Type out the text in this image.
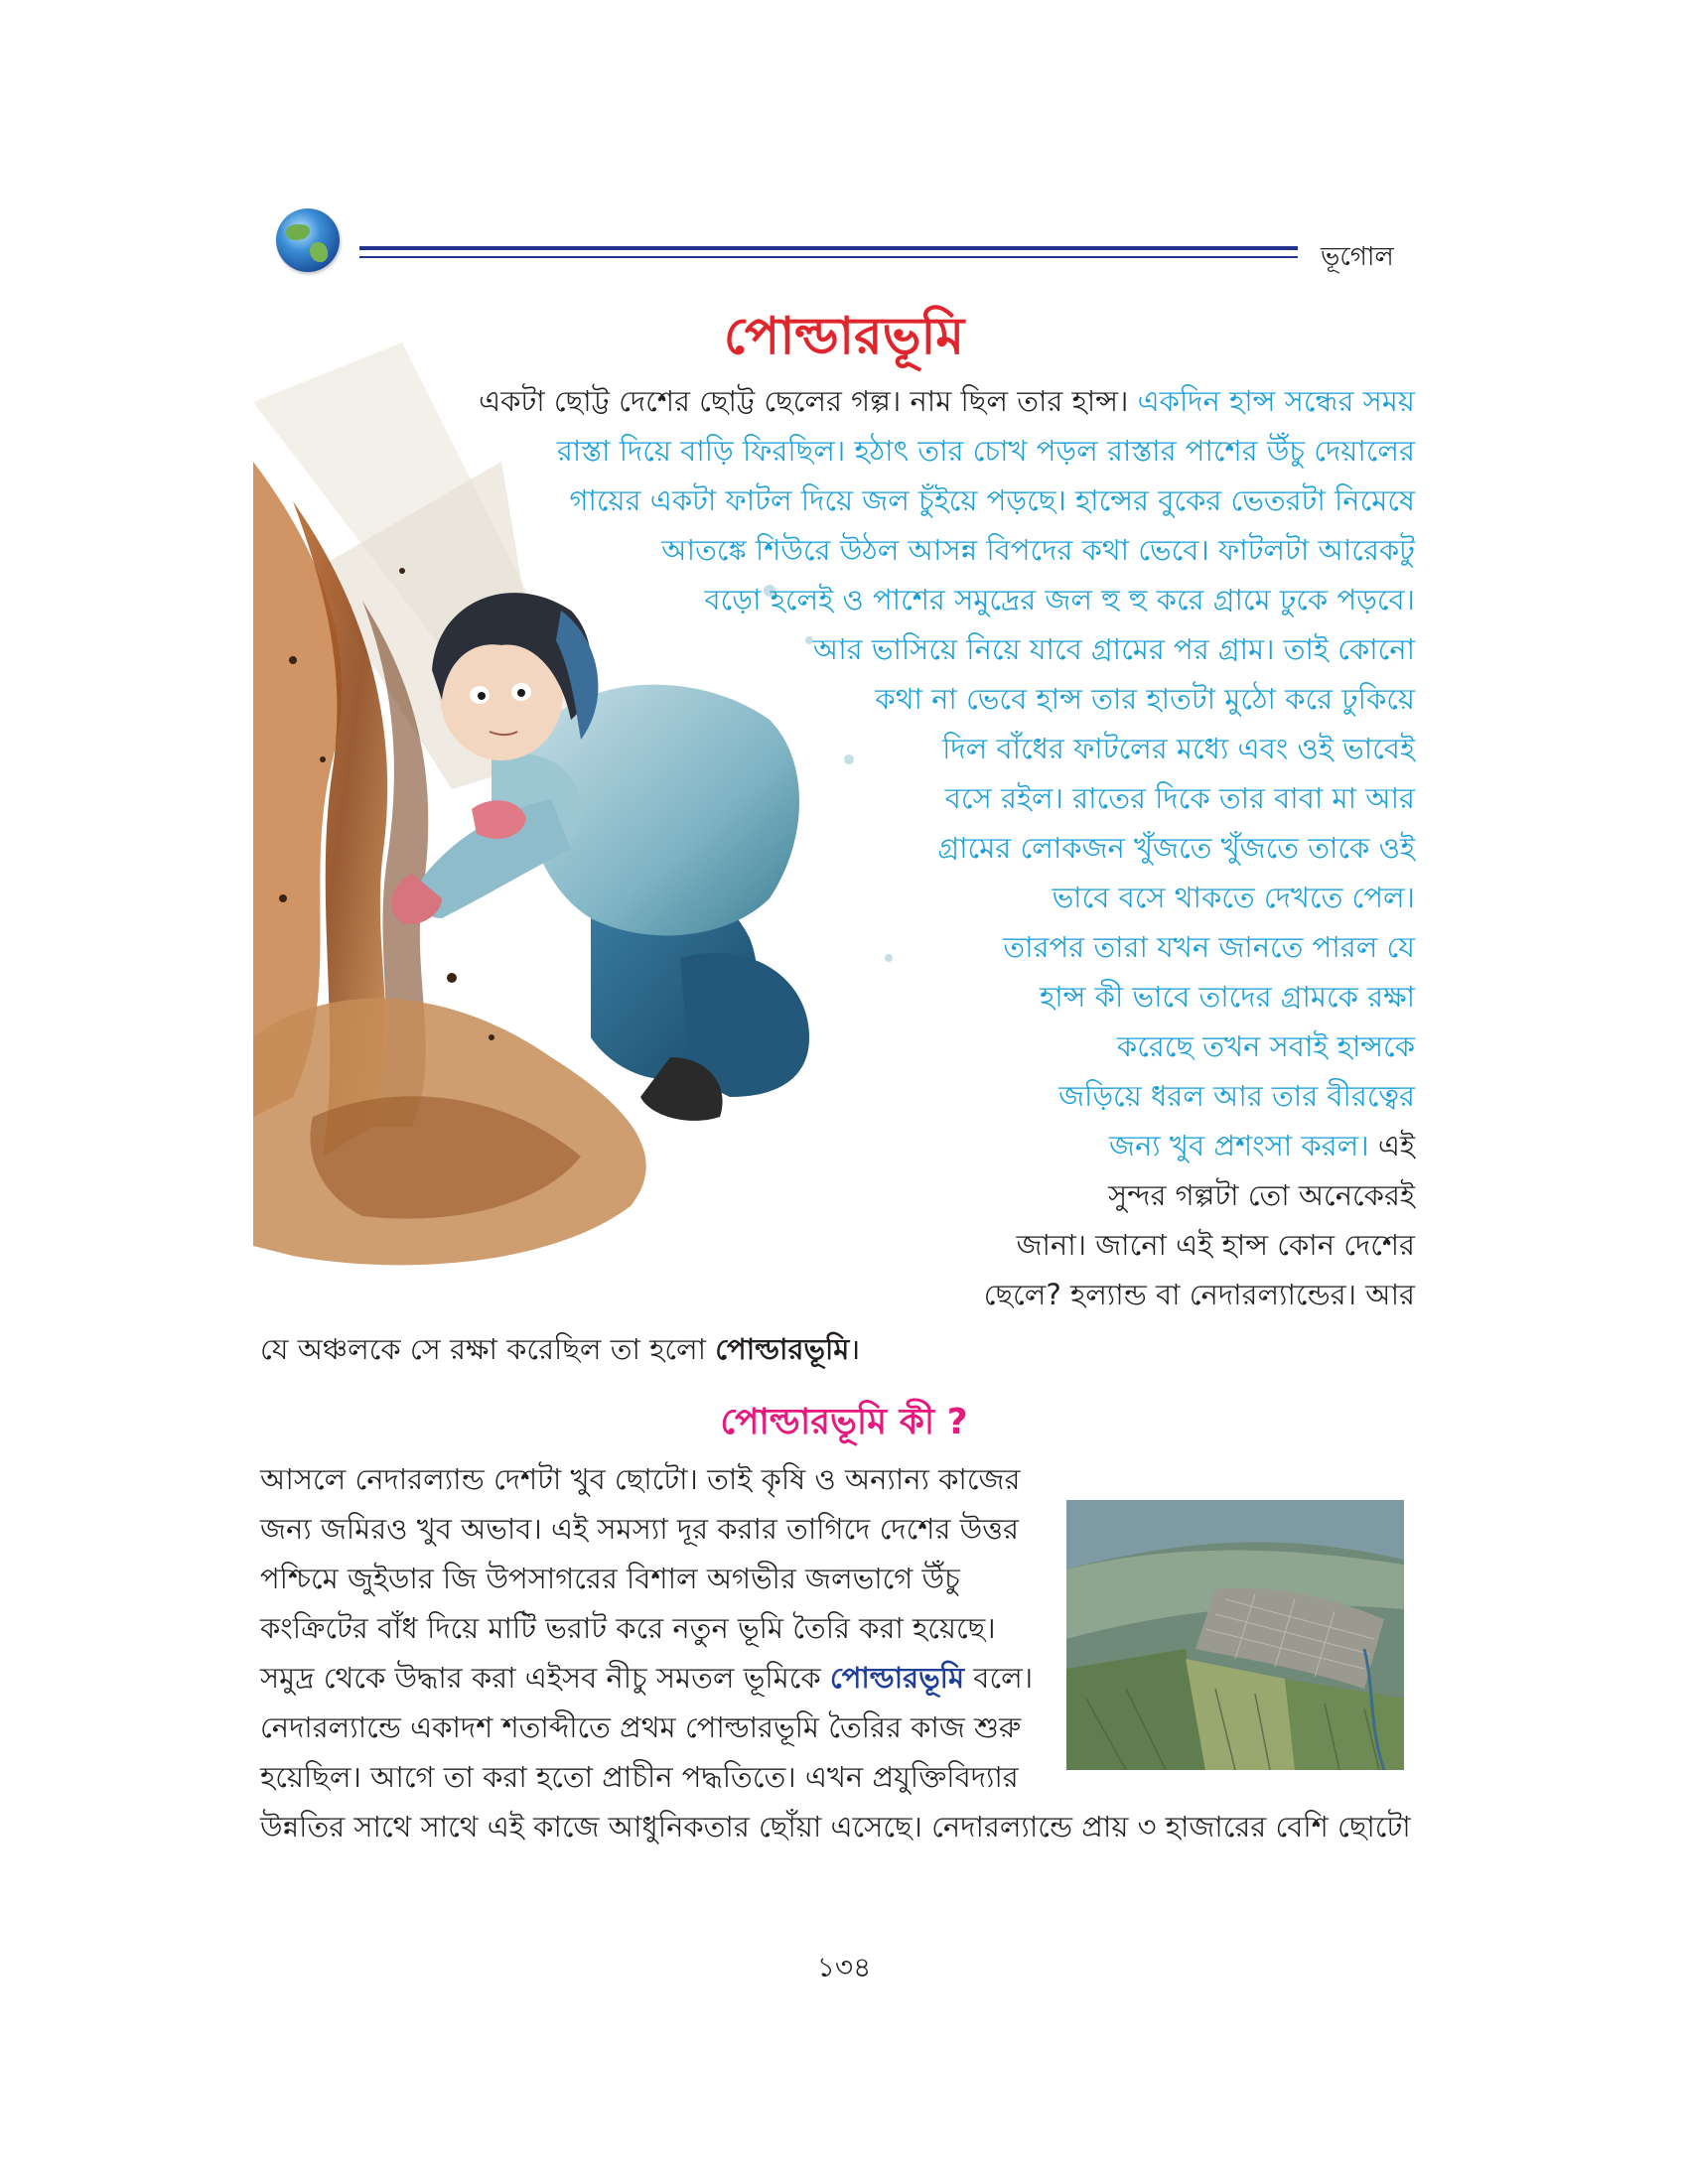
ভূগোল
পোল্ডারভূমি
একটা ছোট্ট দেশের ছোট্ট ছেলের গল্প। নাম ছিল তার হান্স। একদিন হান্স সন্ধের সময়
রাস্তা দিয়ে বাড়ি ফিরছিল। হঠাৎ তার চোখ পড়ল রাস্তার পাশের উঁচু দেয়ালের
গায়ের একটা ফাটল দিয়ে জল চুঁইয়ে পড়ছে। হান্সের বুকের ভেতরটা নিমেষে
আতঙ্কে শিউরে উঠল আসন্ন বিপদের কথা ভেবে। ফাটলটা আরেকটু
বড়ো হলেই ও পাশের সমুদ্রের জল হু হু করে গ্রামে ঢুকে পড়বে।
আর ভাসিয়ে নিয়ে যাবে গ্রামের পর গ্রাম। তাই কোনো
কথা না ভেবে হান্স তার হাতটা মুঠো করে ঢুকিয়ে
দিল বাঁধের ফাটলের মধ্যে এবং ওই ভাবেই
বসে রইল। রাতের দিকে তার বাবা মা আর
গ্রামের লোকজন খুঁজতে খুঁজতে তাকে ওই
ভাবে বসে থাকতে দেখতে পেল।
তারপর তারা যখন জানতে পারল যে
হান্স কী ভাবে তাদের গ্রামকে রক্ষা
করেছে তখন সবাই হান্সকে
জড়িয়ে ধরল আর তার বীরত্বের
জন্য খুব প্রশংসা করল। এই
সুন্দর গল্পটা তো অনেকেরই
জানা। জানো এই হান্স কোন দেশের
ছেলে? হল্যান্ড বা নেদারল্যান্ডের। আর
যে অঞ্চলকে সে রক্ষা করেছিল তা হলো পোল্ডারভূমি।
পোল্ডারভূমি কী ?
আসলে নেদারল্যান্ড দেশটা খুব ছোটো। তাই কৃষি ও অন্যান্য কাজের
জন্য জমিরও খুব অভাব। এই সমস্যা দূর করার তাগিদে দেশের উত্তর
পশ্চিমে জুইডার জি উপসাগরের বিশাল অগভীর জলভাগে উঁচু
কংক্রিটের বাঁধ দিয়ে মাটি ভরাট করে নতুন ভূমি তৈরি করা হয়েছে।
সমুদ্র থেকে উদ্ধার করা এইসব নীচু সমতল ভূমিকে পোল্ডারভূমি বলে।
নেদারল্যান্ডে একাদশ শতাব্দীতে প্রথম পোল্ডারভূমি তৈরির কাজ শুরু
হয়েছিল। আগে তা করা হতো প্রাচীন পদ্ধতিতে। এখন প্রযুক্তিবিদ্যার
উন্নতির সাথে সাথে এই কাজে আধুনিকতার ছোঁয়া এসেছে। নেদারল্যান্ডে প্রায় ৩ হাজারের বেশি ছোটো
১৩৪
